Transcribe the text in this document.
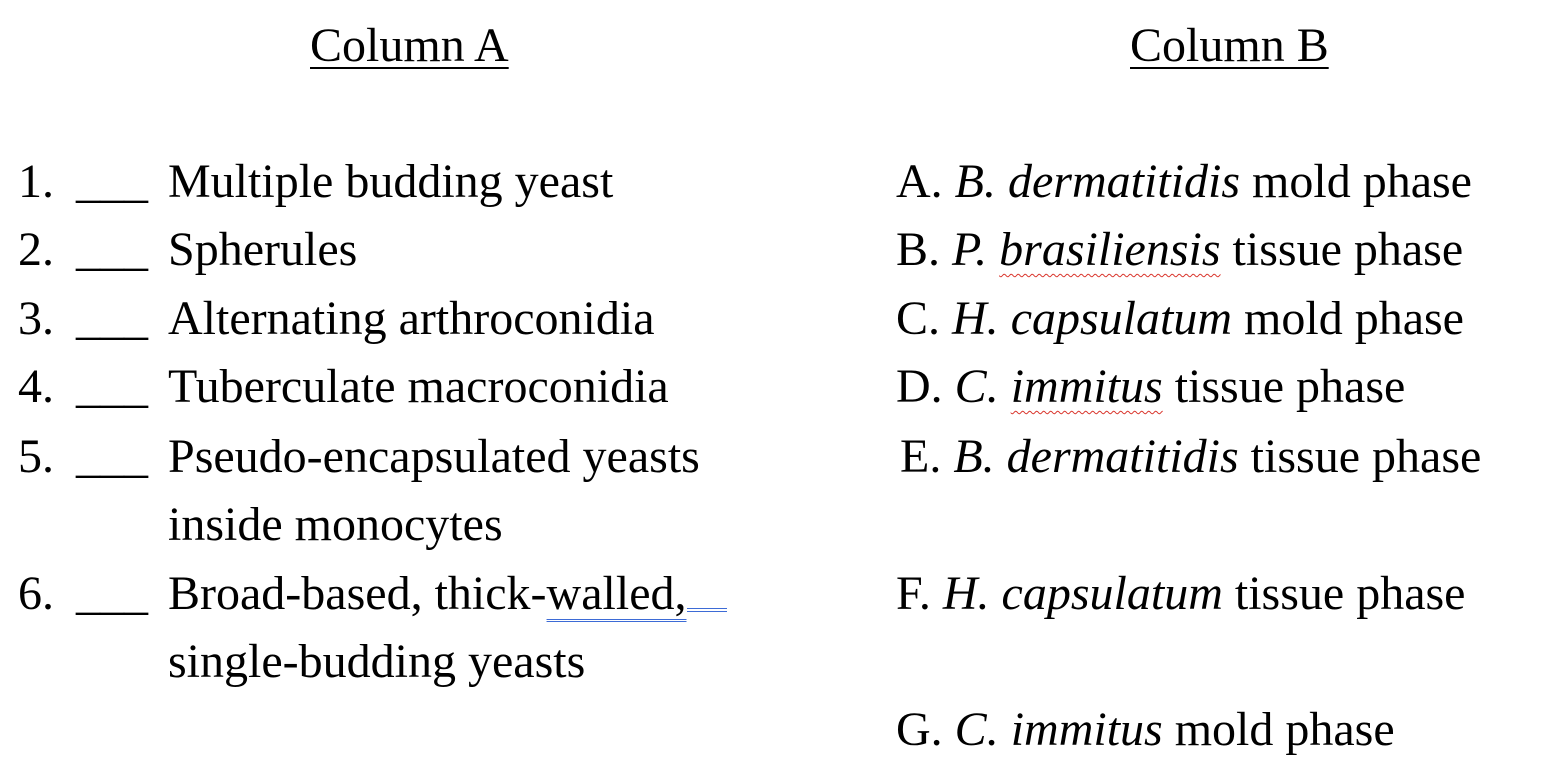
Column A	Column B
1. ___ Multiple budding yeast
2. ___ Spherules
3. ___ Alternating arthroconidia
4. ___ Tuberculate macroconidia
5. ___ Pseudo-encapsulated yeasts
inside monocytes
6. ___ Broad-based, thick-walled,
single-budding yeasts
A. B. dermatitidis mold phase
B. P. brasiliensis tissue phase
C. H. capsulatum mold phase
D. C. immitus tissue phase
E. B. dermatitidis tissue phase
F. H. capsulatum tissue phase
G. C. immitus mold phase
